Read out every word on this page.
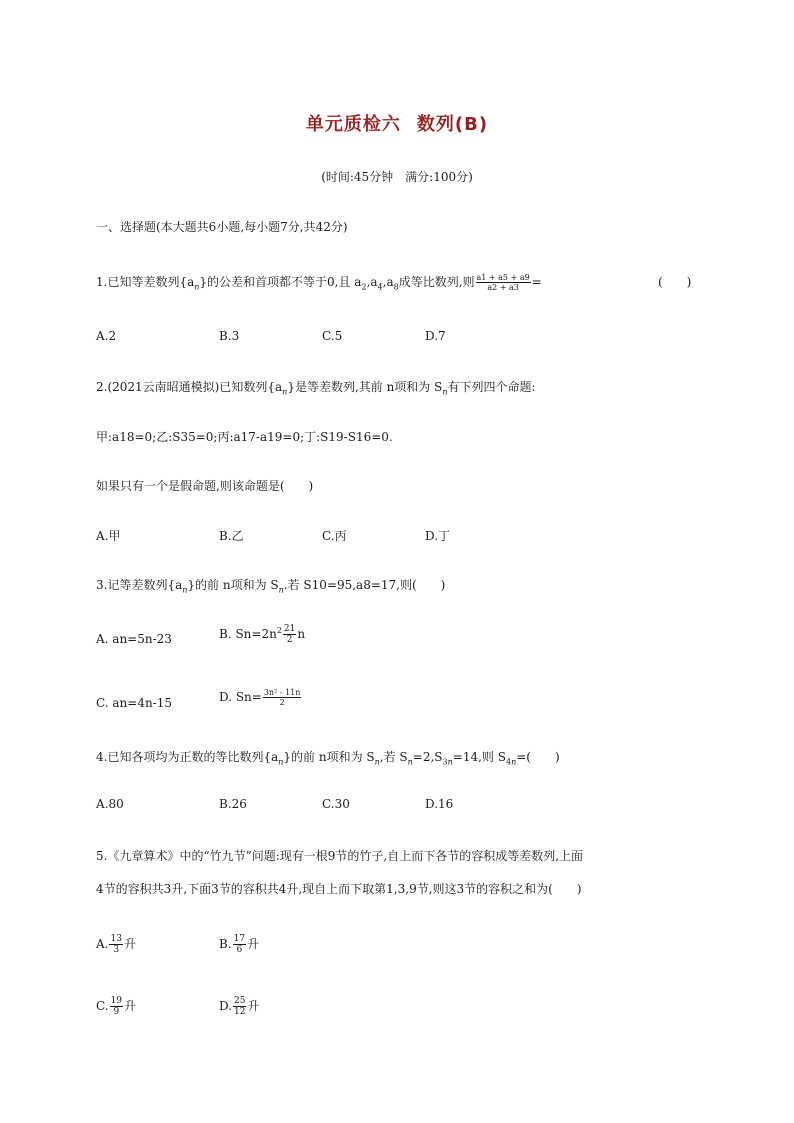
单元质检六 数列(B)
(时间:45分钟　满分:100分)
一、选择题(本大题共6小题,每小题7分,共42分)
1.已知等差数列$\{a_n\}$的公差和首项都不等于0,且 $a_2,a_4,a_8$成等比数列,则 $\frac{a1 + a5 + a9}{a2 + a3}$ =	(　　)
A.2	B.3	C.5	D.7
2.(2021云南昭通模拟)已知数列$\{a_n\}$是等差数列,其前 n项和为 $S_n$有下列四个命题:
甲:a18=0;乙:S35=0;丙:a17-a19=0;丁:S19-S16=0.
如果只有一个是假命题,则该命题是(　　)
A.甲	B.乙	C.丙	D.丁
3.记等差数列$\{a_n\}$的前 n项和为 $S_n$.若 S10=95,a8=17,则(　　)
A. an=5n-23	B. $Sn=2n^2 \frac{21}{2}$ n
C. an=4n-15	D. $Sn= \frac{\text{3n² - 11n}}{2}$
4.已知各项均为正数的等比数列$\{a_n\}$的前 n项和为 $S_n$,若 $S_n=2,S_{3n}=14$,则 $S_{4n}=$(　　)
A.80	B.26	C.30	D.16
5.《九章算术》中的“竹九节”问题:现有一根9节的竹子,自上而下各节的容积成等差数列,上面
4节的容积共3升,下面3节的容积共4升,现自上而下取第1,3,9节,则这3节的容积之和为(　　)
A. $\frac{13}{3}$ 升	B. $\frac{17}{6}$ 升
C. $\frac{19}{9}$ 升	D. $\frac{25}{12}$ 升
